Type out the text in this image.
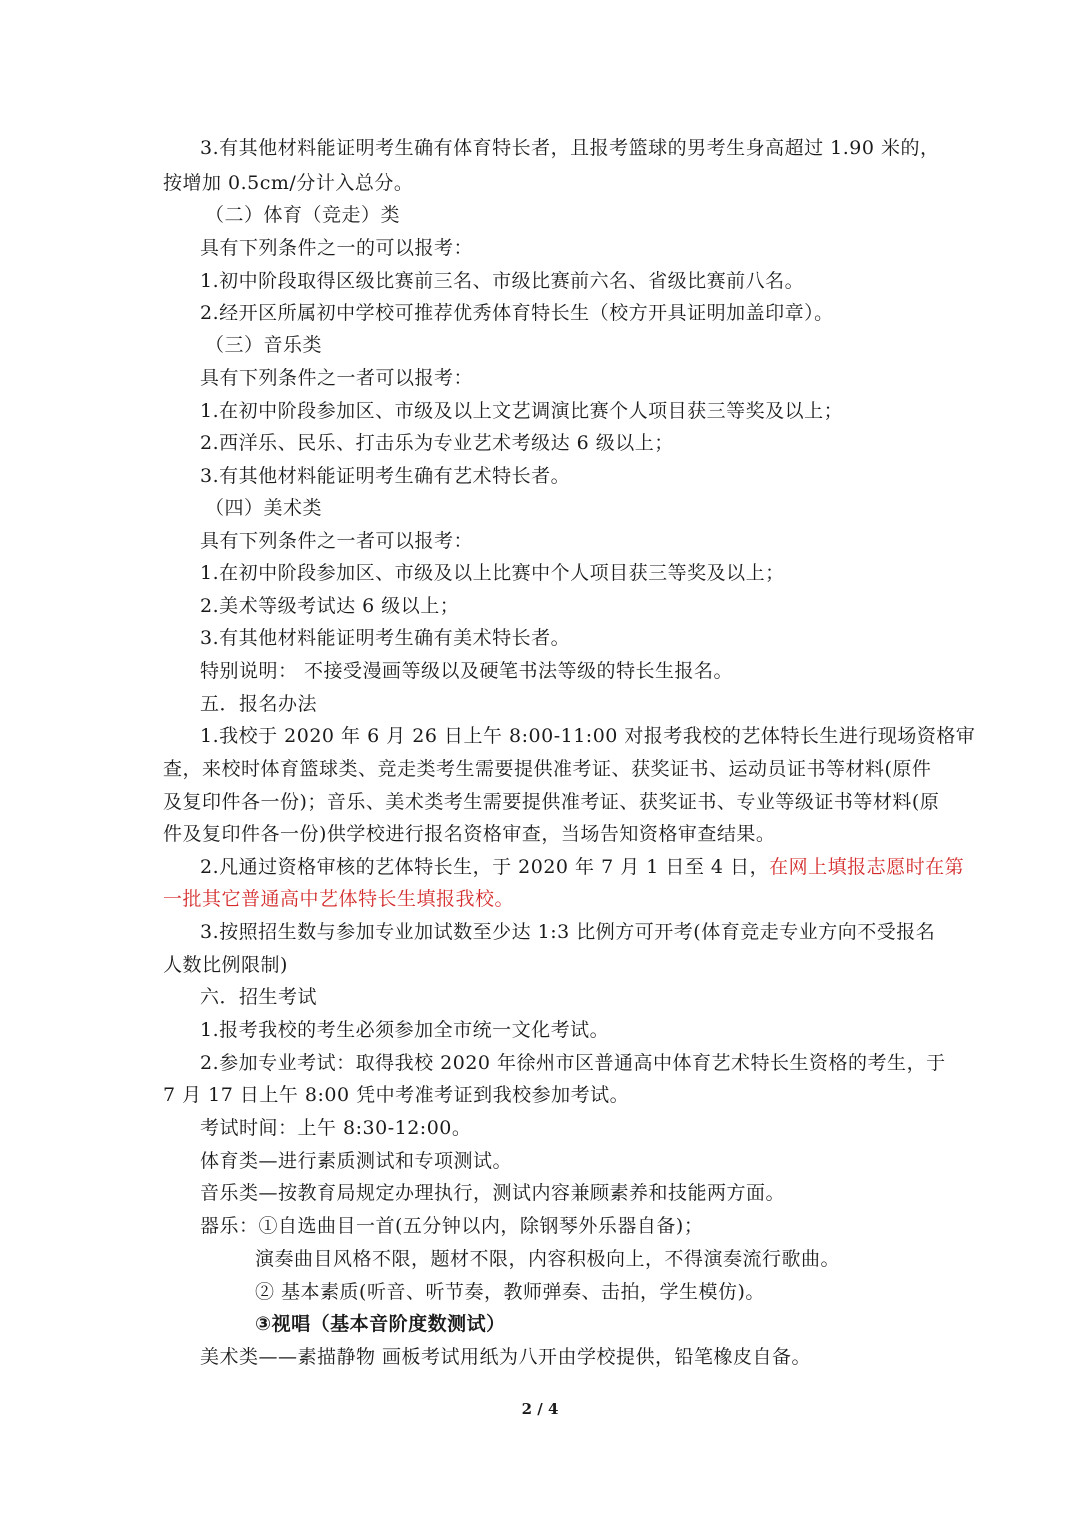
3.有其他材料能证明考生确有体育特长者，且报考篮球的男考生身高超过 1.90 米的，
按增加 0.5cm/分计入总分。
（二）体育（竞走）类
具有下列条件之一的可以报考：
1.初中阶段取得区级比赛前三名、市级比赛前六名、省级比赛前八名。
2.经开区所属初中学校可推荐优秀体育特长生（校方开具证明加盖印章）。
（三）音乐类
具有下列条件之一者可以报考：
1.在初中阶段参加区、市级及以上文艺调演比赛个人项目获三等奖及以上；
2.西洋乐、民乐、打击乐为专业艺术考级达 6 级以上；
3.有其他材料能证明考生确有艺术特长者。
（四）美术类
具有下列条件之一者可以报考：
1.在初中阶段参加区、市级及以上比赛中个人项目获三等奖及以上；
2.美术等级考试达 6 级以上；
3.有其他材料能证明考生确有美术特长者。
特别说明： 不接受漫画等级以及硬笔书法等级的特长生报名。
五．报名办法
1.我校于 2020 年 6 月 26 日上午 8:00-11:00 对报考我校的艺体特长生进行现场资格审
查，来校时体育篮球类、竞走类考生需要提供准考证、获奖证书、运动员证书等材料(原件
及复印件各一份)；音乐、美术类考生需要提供准考证、获奖证书、专业等级证书等材料(原
件及复印件各一份)供学校进行报名资格审查，当场告知资格审查结果。
2.凡通过资格审核的艺体特长生，于 2020 年 7 月 1 日至 4 日，在网上填报志愿时在第
一批其它普通高中艺体特长生填报我校。
3.按照招生数与参加专业加试数至少达 1:3 比例方可开考(体育竞走专业方向不受报名
人数比例限制)
六．招生考试
1.报考我校的考生必须参加全市统一文化考试。
2.参加专业考试：取得我校 2020 年徐州市区普通高中体育艺术特长生资格的考生，于
7 月 17 日上午 8:00 凭中考准考证到我校参加考试。
考试时间：上午 8:30-12:00。
体育类—进行素质测试和专项测试。
音乐类—按教育局规定办理执行，测试内容兼顾素养和技能两方面。
器乐：①自选曲目一首(五分钟以内，除钢琴外乐器自备)；
演奏曲目风格不限，题材不限，内容积极向上，不得演奏流行歌曲。
② 基本素质(听音、听节奏，教师弹奏、击拍，学生模仿)。
③视唱（基本音阶度数测试）
美术类——素描静物 画板考试用纸为八开由学校提供，铅笔橡皮自备。
2 / 4
